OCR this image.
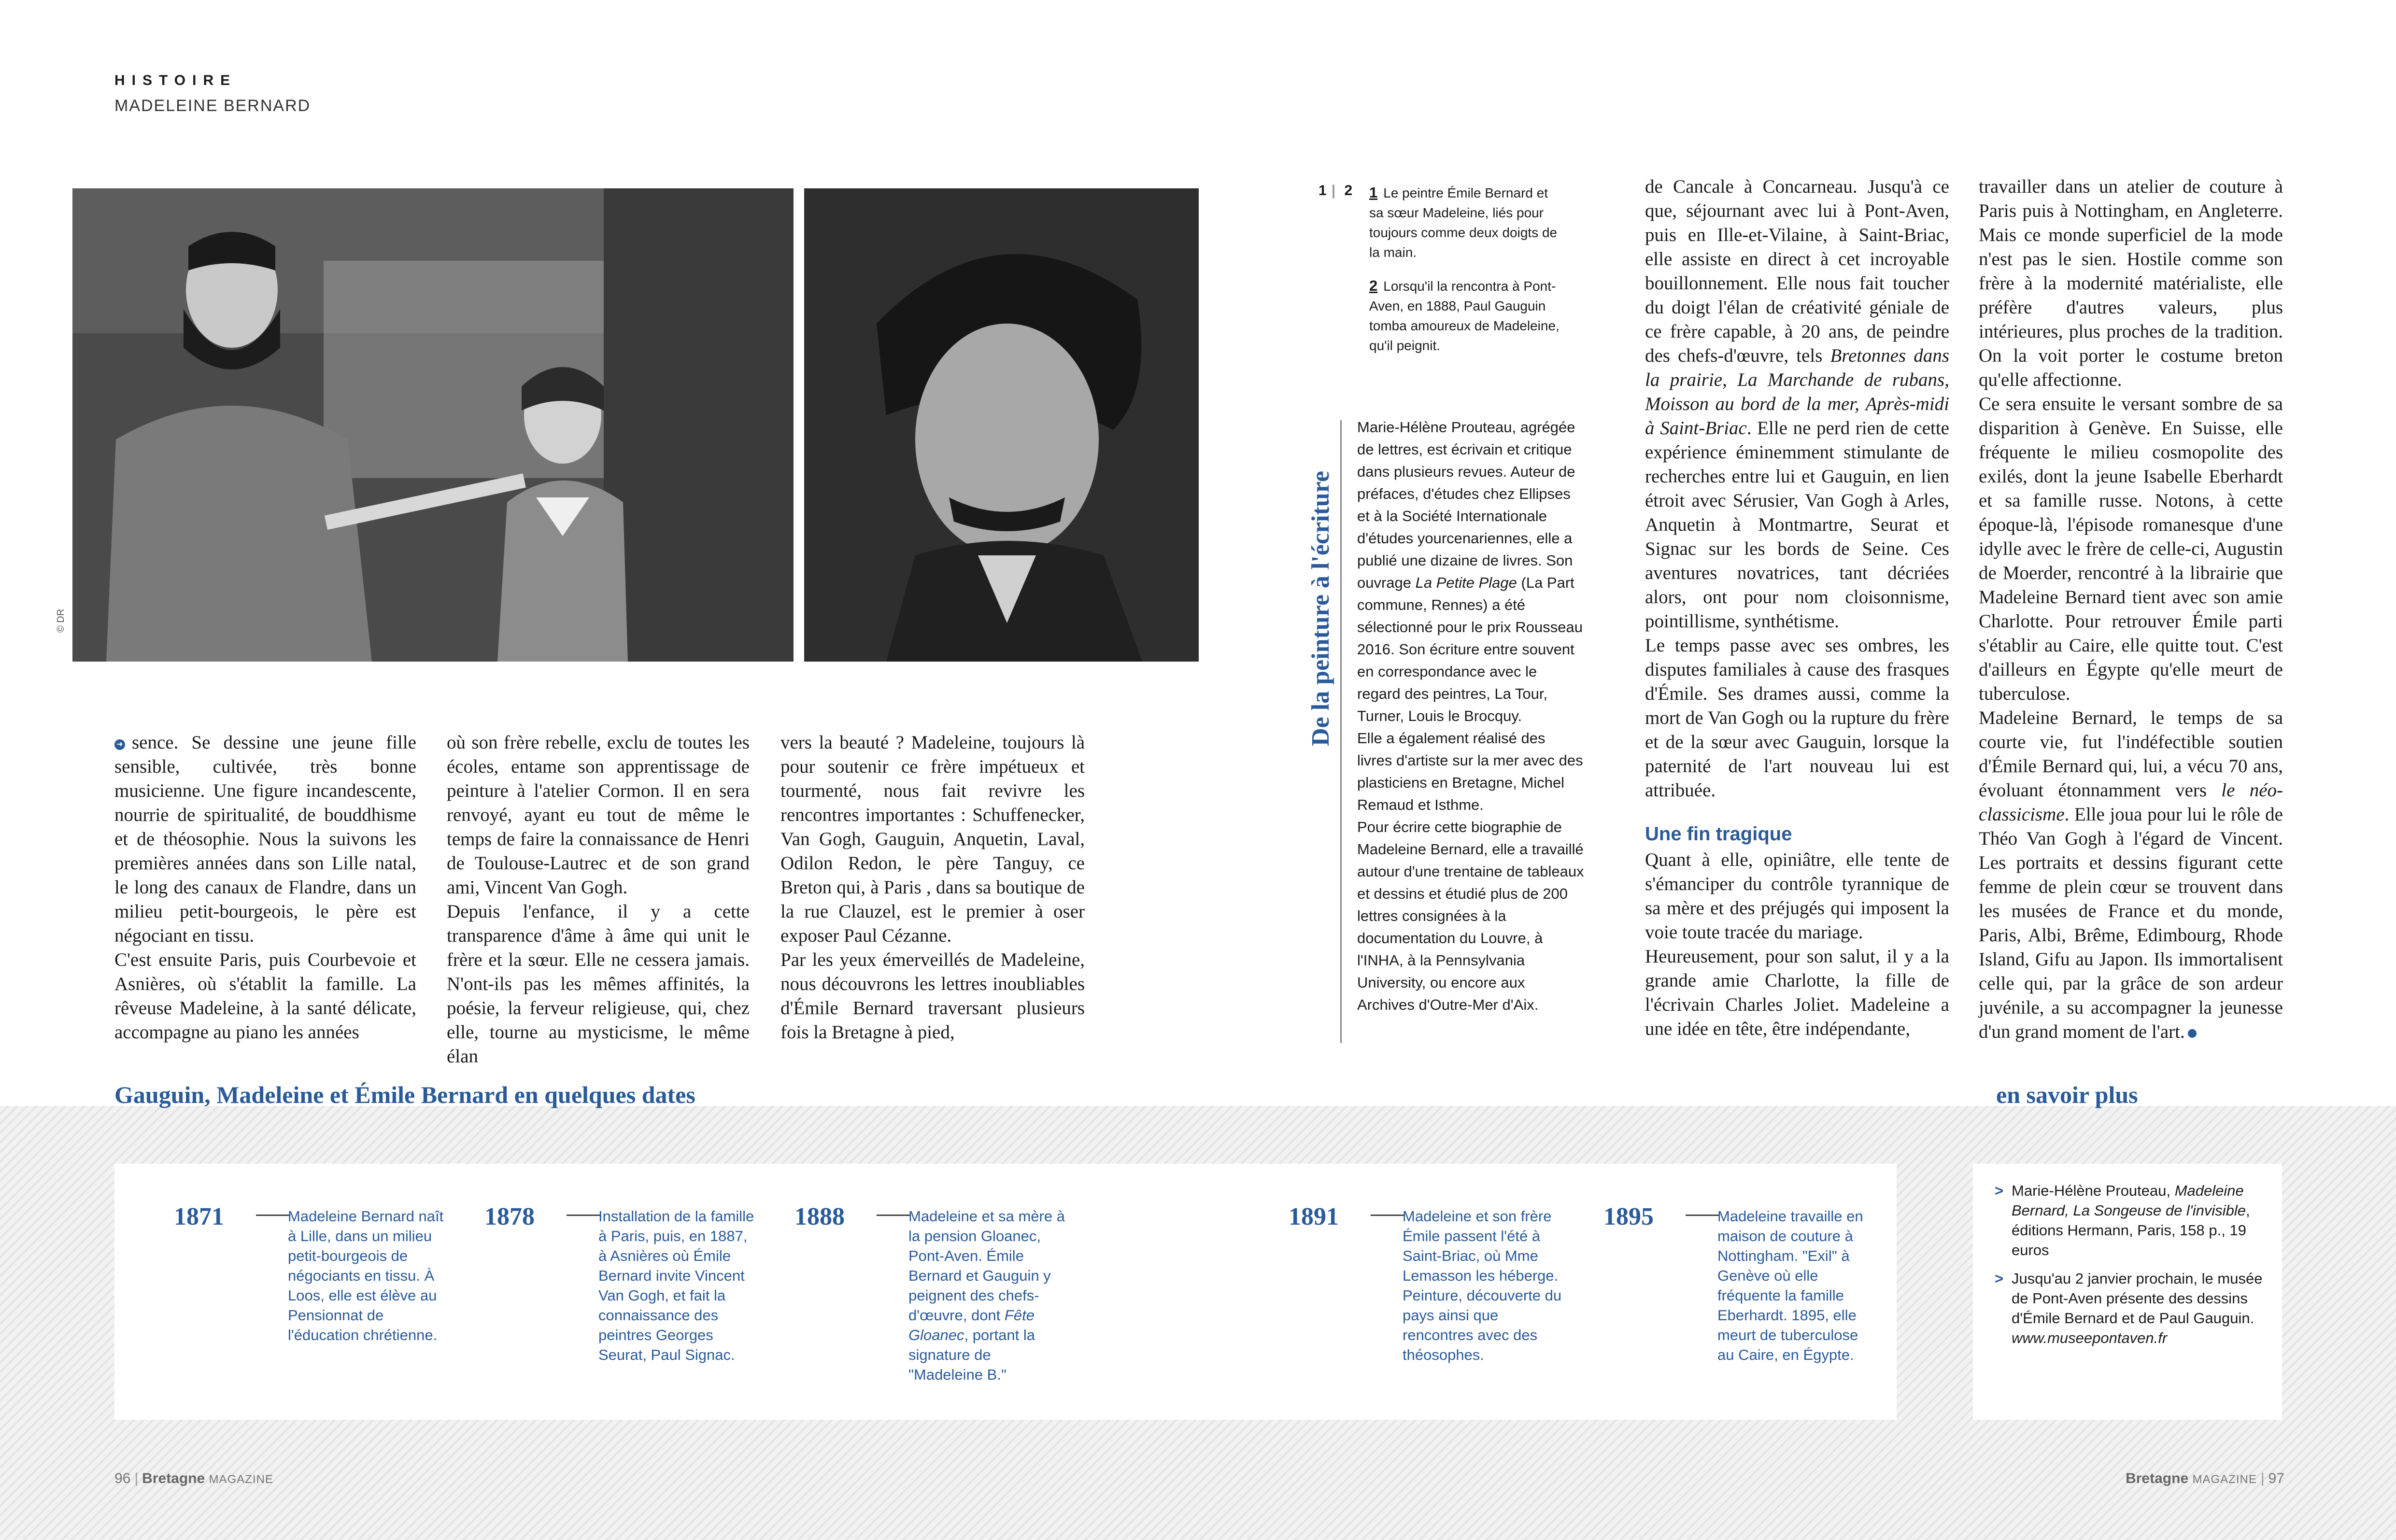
HISTOIRE
MADELEINE BERNARD
© DR

➜ sence. Se dessine une jeune fille sensible, cultivée, très bonne musicienne. Une figure incandescente, nourrie de spiritualité, de bouddhisme et de théosophie. Nous la suivons les premières années dans son Lille natal, le long des canaux de Flandre, dans un milieu petit-bourgeois, le père est négociant en tissu.

C'est ensuite Paris, puis Courbevoie et Asnières, où s'établit la famille. La rêveuse Madeleine, à la santé délicate, accompagne au piano les années

où son frère rebelle, exclu de toutes les écoles, entame son apprentissage de peinture à l'atelier Cormon. Il en sera renvoyé, ayant eu tout de même le temps de faire la connaissance de Henri de Toulouse-Lautrec et de son grand ami, Vincent Van Gogh.

Depuis l'enfance, il y a cette transparence d'âme à âme qui unit le frère et la sœur. Elle ne cessera jamais. N'ont-ils pas les mêmes affinités, la poésie, la ferveur religieuse, qui, chez elle, tourne au mysticisme, le même élan

vers la beauté ? Madeleine, toujours là pour soutenir ce frère impétueux et tourmenté, nous fait revivre les rencontres importantes : Schuffenecker, Van Gogh, Gauguin, Anquetin, Laval, Odilon Redon, le père Tanguy, ce Breton qui, à Paris , dans sa boutique de la rue Clauzel, est le premier à oser exposer Paul Cézanne.

Par les yeux émerveillés de Madeleine, nous découvrons les lettres inoubliables d'Émile Bernard traversant plusieurs fois la Bretagne à pied,

1 | 2	1 Le peintre Émile Bernard et sa sœur Madeleine, liés pour toujours comme deux doigts de la main.
2 Lorsqu'il la rencontra à Pont-Aven, en 1888, Paul Gauguin tomba amoureux de Madeleine, qu'il peignit.
De la peinture à l'écriture

Marie-Hélène Prouteau, agrégée de lettres, est écrivain et critique dans plusieurs revues. Auteur de préfaces, d'études chez Ellipses et à la Société Internationale d'études yourcenariennes, elle a publié une dizaine de livres. Son ouvrage La Petite Plage (La Part commune, Rennes) a été sélectionné pour le prix Rousseau 2016. Son écriture entre souvent en correspondance avec le regard des peintres, La Tour, Turner, Louis le Brocquy.

Elle a également réalisé des livres d'artiste sur la mer avec des plasticiens en Bretagne, Michel Remaud et Isthme.

Pour écrire cette biographie de Madeleine Bernard, elle a travaillé autour d'une trentaine de tableaux et dessins et étudié plus de 200 lettres consignées à la documentation du Louvre, à l'INHA, à la Pennsylvania University, ou encore aux Archives d'Outre-Mer d'Aix.

de Cancale à Concarneau. Jusqu'à ce que, séjournant avec lui à Pont-Aven, puis en Ille-et-Vilaine, à Saint-Briac, elle assiste en direct à cet incroyable bouillonnement. Elle nous fait toucher du doigt l'élan de créativité géniale de ce frère capable, à 20 ans, de peindre des chefs-d'œuvre, tels Bretonnes dans la prairie, La Marchande de rubans, Moisson au bord de la mer, Après-midi à Saint-Briac. Elle ne perd rien de cette expérience éminemment stimulante de recherches entre lui et Gauguin, en lien étroit avec Sérusier, Van Gogh à Arles, Anquetin à Montmartre, Seurat et Signac sur les bords de Seine. Ces aventures novatrices, tant décriées alors, ont pour nom cloisonnisme, pointillisme, synthétisme.

Le temps passe avec ses ombres, les disputes familiales à cause des frasques d'Émile. Ses drames aussi, comme la mort de Van Gogh ou la rupture du frère et de la sœur avec Gauguin, lorsque la paternité de l'art nouveau lui est attribuée.

Une fin tragique

Quant à elle, opiniâtre, elle tente de s'émanciper du contrôle tyrannique de sa mère et des préjugés qui imposent la voie toute tracée du mariage.

Heureusement, pour son salut, il y a la grande amie Charlotte, la fille de l'écrivain Charles Joliet. Madeleine a une idée en tête, être indépendante,

travailler dans un atelier de couture à Paris puis à Nottingham, en Angleterre. Mais ce monde superficiel de la mode n'est pas le sien. Hostile comme son frère à la modernité matérialiste, elle préfère d'autres valeurs, plus intérieures, plus proches de la tradition. On la voit porter le costume breton qu'elle affectionne.

Ce sera ensuite le versant sombre de sa disparition à Genève. En Suisse, elle fréquente le milieu cosmopolite des exilés, dont la jeune Isabelle Eberhardt et sa famille russe. Notons, à cette époque-là, l'épisode romanesque d'une idylle avec le frère de celle-ci, Augustin de Moerder, rencontré à la librairie que Madeleine Bernard tient avec son amie Charlotte. Pour retrouver Émile parti s'établir au Caire, elle quitte tout. C'est d'ailleurs en Égypte qu'elle meurt de tuberculose.

Madeleine Bernard, le temps de sa courte vie, fut l'indéfectible soutien d'Émile Bernard qui, lui, a vécu 70 ans, évoluant étonnamment vers le néo-classicisme. Elle joua pour lui le rôle de Théo Van Gogh à l'égard de Vincent. Les portraits et dessins figurant cette femme de plein cœur se trouvent dans les musées de France et du monde, Paris, Albi, Brême, Edimbourg, Rhode Island, Gifu au Japon. Ils immortalisent celle qui, par la grâce de son ardeur juvénile, a su accompagner la jeunesse d'un grand moment de l'art.

Gauguin, Madeleine et Émile Bernard en quelques dates	en savoir plus
1871	Madeleine Bernard naît à Lille, dans un milieu petit-bourgeois de négociants en tissu. À Loos, elle est élève au Pensionnat de l'éducation chrétienne.
1878	Installation de la famille à Paris, puis, en 1887, à Asnières où Émile Bernard invite Vincent Van Gogh, et fait la connaissance des peintres Georges Seurat, Paul Signac.
1888	Madeleine et sa mère à la pension Gloanec, Pont-Aven. Émile Bernard et Gauguin y peignent des chefs-d'œuvre, dont Fête Gloanec, portant la signature de "Madeleine B."
1891	Madeleine et son frère Émile passent l'été à Saint-Briac, où Mme Lemasson les héberge. Peinture, découverte du pays ainsi que rencontres avec des théosophes.
1895	Madeleine travaille en maison de couture à Nottingham. "Exil" à Genève où elle fréquente la famille Eberhardt. 1895, elle meurt de tuberculose au Caire, en Égypte.
> Marie-Hélène Prouteau, Madeleine Bernard, La Songeuse de l'invisible, éditions Hermann, Paris, 158 p., 19 euros
> Jusqu'au 2 janvier prochain, le musée de Pont-Aven présente des dessins d'Émile Bernard et de Paul Gauguin. www.museepontaven.fr
96 | Bretagne MAGAZINE	Bretagne MAGAZINE | 97
